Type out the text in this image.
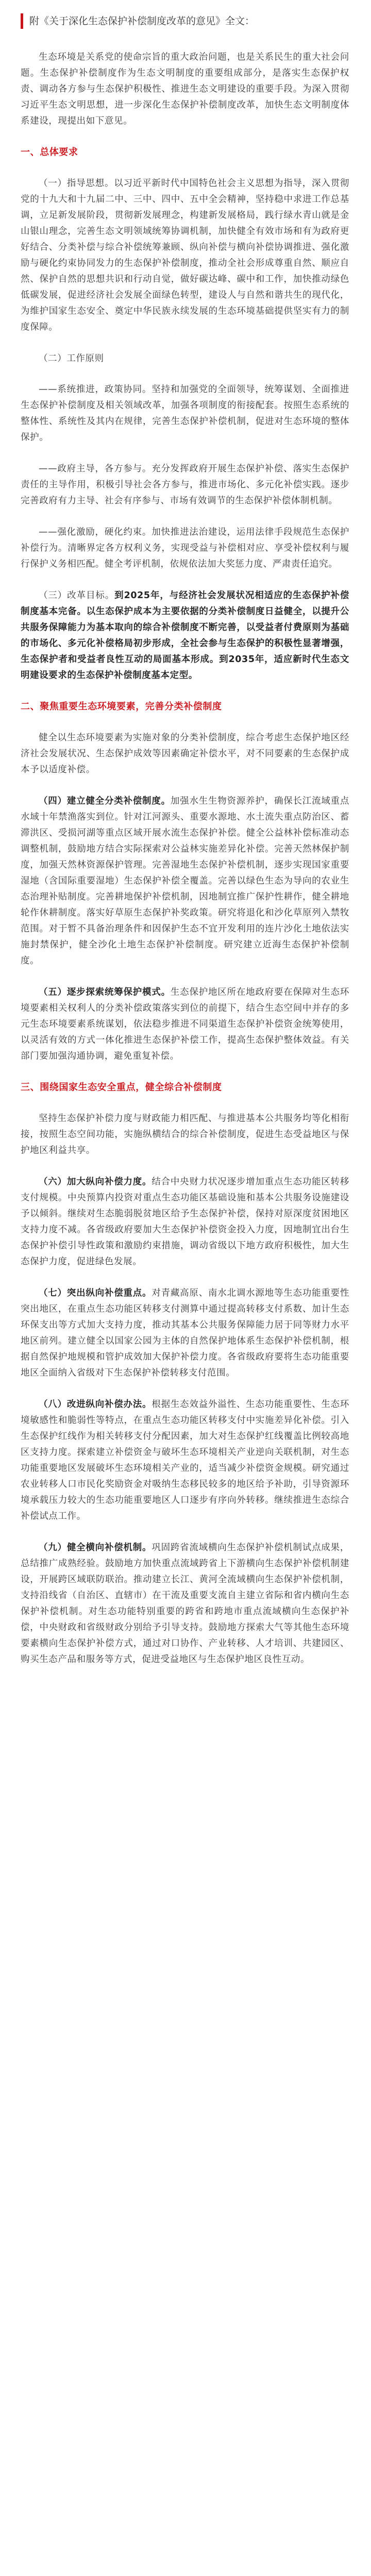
附《关于深化生态保护补偿制度改革的意见》全文：

生态环境是关系党的使命宗旨的重大政治问题，也是关系民生的重大社会问题。生态保护补偿制度作为生态文明制度的重要组成部分，是落实生态保护权责、调动各方参与生态保护积极性、推进生态文明建设的重要手段。为深入贯彻习近平生态文明思想，进一步深化生态保护补偿制度改革，加快生态文明制度体系建设，现提出如下意见。

一、总体要求

（一）指导思想。以习近平新时代中国特色社会主义思想为指导，深入贯彻党的十九大和十九届二中、三中、四中、五中全会精神，坚持稳中求进工作总基调，立足新发展阶段，贯彻新发展理念，构建新发展格局，践行绿水青山就是金山银山理念，完善生态文明领域统筹协调机制，加快健全有效市场和有为政府更好结合、分类补偿与综合补偿统筹兼顾、纵向补偿与横向补偿协调推进、强化激励与硬化约束协同发力的生态保护补偿制度，推动全社会形成尊重自然、顺应自然、保护自然的思想共识和行动自觉，做好碳达峰、碳中和工作，加快推动绿色低碳发展，促进经济社会发展全面绿色转型，建设人与自然和谐共生的现代化，为维护国家生态安全、奠定中华民族永续发展的生态环境基础提供坚实有力的制度保障。

（二）工作原则

——系统推进，政策协同。坚持和加强党的全面领导，统筹谋划、全面推进生态保护补偿制度及相关领域改革，加强各项制度的衔接配套。按照生态系统的整体性、系统性及其内在规律，完善生态保护补偿机制，促进对生态环境的整体保护。

——政府主导，各方参与。充分发挥政府开展生态保护补偿、落实生态保护责任的主导作用，积极引导社会各方参与，推进市场化、多元化补偿实践。逐步完善政府有力主导、社会有序参与、市场有效调节的生态保护补偿体制机制。

——强化激励，硬化约束。加快推进法治建设，运用法律手段规范生态保护补偿行为。清晰界定各方权利义务，实现受益与补偿相对应、享受补偿权利与履行保护义务相匹配。健全考评机制，依规依法加大奖惩力度、严肃责任追究。

（三）改革目标。到2025年，与经济社会发展状况相适应的生态保护补偿制度基本完备。以生态保护成本为主要依据的分类补偿制度日益健全，以提升公共服务保障能力为基本取向的综合补偿制度不断完善，以受益者付费原则为基础的市场化、多元化补偿格局初步形成，全社会参与生态保护的积极性显著增强，生态保护者和受益者良性互动的局面基本形成。到2035年，适应新时代生态文明建设要求的生态保护补偿制度基本定型。

二、聚焦重要生态环境要素，完善分类补偿制度

健全以生态环境要素为实施对象的分类补偿制度，综合考虑生态保护地区经济社会发展状况、生态保护成效等因素确定补偿水平，对不同要素的生态保护成本予以适度补偿。

（四）建立健全分类补偿制度。加强水生生物资源养护，确保长江流域重点水域十年禁渔落实到位。针对江河源头、重要水源地、水土流失重点防治区、蓄滞洪区、受损河湖等重点区域开展水流生态保护补偿。健全公益林补偿标准动态调整机制，鼓励地方结合实际探索对公益林实施差异化补偿。完善天然林保护制度，加强天然林资源保护管理。完善湿地生态保护补偿机制，逐步实现国家重要湿地（含国际重要湿地）生态保护补偿全覆盖。完善以绿色生态为导向的农业生态治理补贴制度。完善耕地保护补偿机制，因地制宜推广保护性耕作，健全耕地轮作休耕制度。落实好草原生态保护补奖政策。研究将退化和沙化草原列入禁牧范围。对于暂不具备治理条件和因保护生态不宜开发利用的连片沙化土地依法实施封禁保护，健全沙化土地生态保护补偿制度。研究建立近海生态保护补偿制度。

（五）逐步探索统筹保护模式。生态保护地区所在地政府要在保障对生态环境要素相关权利人的分类补偿政策落实到位的前提下，结合生态空间中并存的多元生态环境要素系统谋划，依法稳步推进不同渠道生态保护补偿资金统筹使用，以灵活有效的方式一体化推进生态保护补偿工作，提高生态保护整体效益。有关部门要加强沟通协调，避免重复补偿。

三、围绕国家生态安全重点，健全综合补偿制度

坚持生态保护补偿力度与财政能力相匹配、与推进基本公共服务均等化相衔接，按照生态空间功能，实施纵横结合的综合补偿制度，促进生态受益地区与保护地区利益共享。

（六）加大纵向补偿力度。结合中央财力状况逐步增加重点生态功能区转移支付规模。中央预算内投资对重点生态功能区基础设施和基本公共服务设施建设予以倾斜。继续对生态脆弱脱贫地区给予生态保护补偿，保持对原深度贫困地区支持力度不减。各省级政府要加大生态保护补偿资金投入力度，因地制宜出台生态保护补偿引导性政策和激励约束措施，调动省级以下地方政府积极性，加大生态保护力度，促进绿色发展。

（七）突出纵向补偿重点。对青藏高原、南水北调水源地等生态功能重要性突出地区，在重点生态功能区转移支付测算中通过提高转移支付系数、加计生态环保支出等方式加大支持力度，推动其基本公共服务保障能力居于同等财力水平地区前列。建立健全以国家公园为主体的自然保护地体系生态保护补偿机制，根据自然保护地规模和管护成效加大保护补偿力度。各省级政府要将生态功能重要地区全面纳入省级对下生态保护补偿转移支付范围。

（八）改进纵向补偿办法。根据生态效益外溢性、生态功能重要性、生态环境敏感性和脆弱性等特点，在重点生态功能区转移支付中实施差异化补偿。引入生态保护红线作为相关转移支付分配因素，加大对生态保护红线覆盖比例较高地区支持力度。探索建立补偿资金与破坏生态环境相关产业逆向关联机制，对生态功能重要地区发展破坏生态环境相关产业的，适当减少补偿资金规模。研究通过农业转移人口市民化奖励资金对吸纳生态移民较多的地区给予补助，引导资源环境承载压力较大的生态功能重要地区人口逐步有序向外转移。继续推进生态综合补偿试点工作。

（九）健全横向补偿机制。巩固跨省流域横向生态保护补偿机制试点成果，总结推广成熟经验。鼓励地方加快重点流域跨省上下游横向生态保护补偿机制建设，开展跨区域联防联治。推动建立长江、黄河全流域横向生态保护补偿机制，支持沿线省（自治区、直辖市）在干流及重要支流自主建立省际和省内横向生态保护补偿机制。对生态功能特别重要的跨省和跨地市重点流域横向生态保护补偿，中央财政和省级财政分别给予引导支持。鼓励地方探索大气等其他生态环境要素横向生态保护补偿方式，通过对口协作、产业转移、人才培训、共建园区、购买生态产品和服务等方式，促进受益地区与生态保护地区良性互动。
